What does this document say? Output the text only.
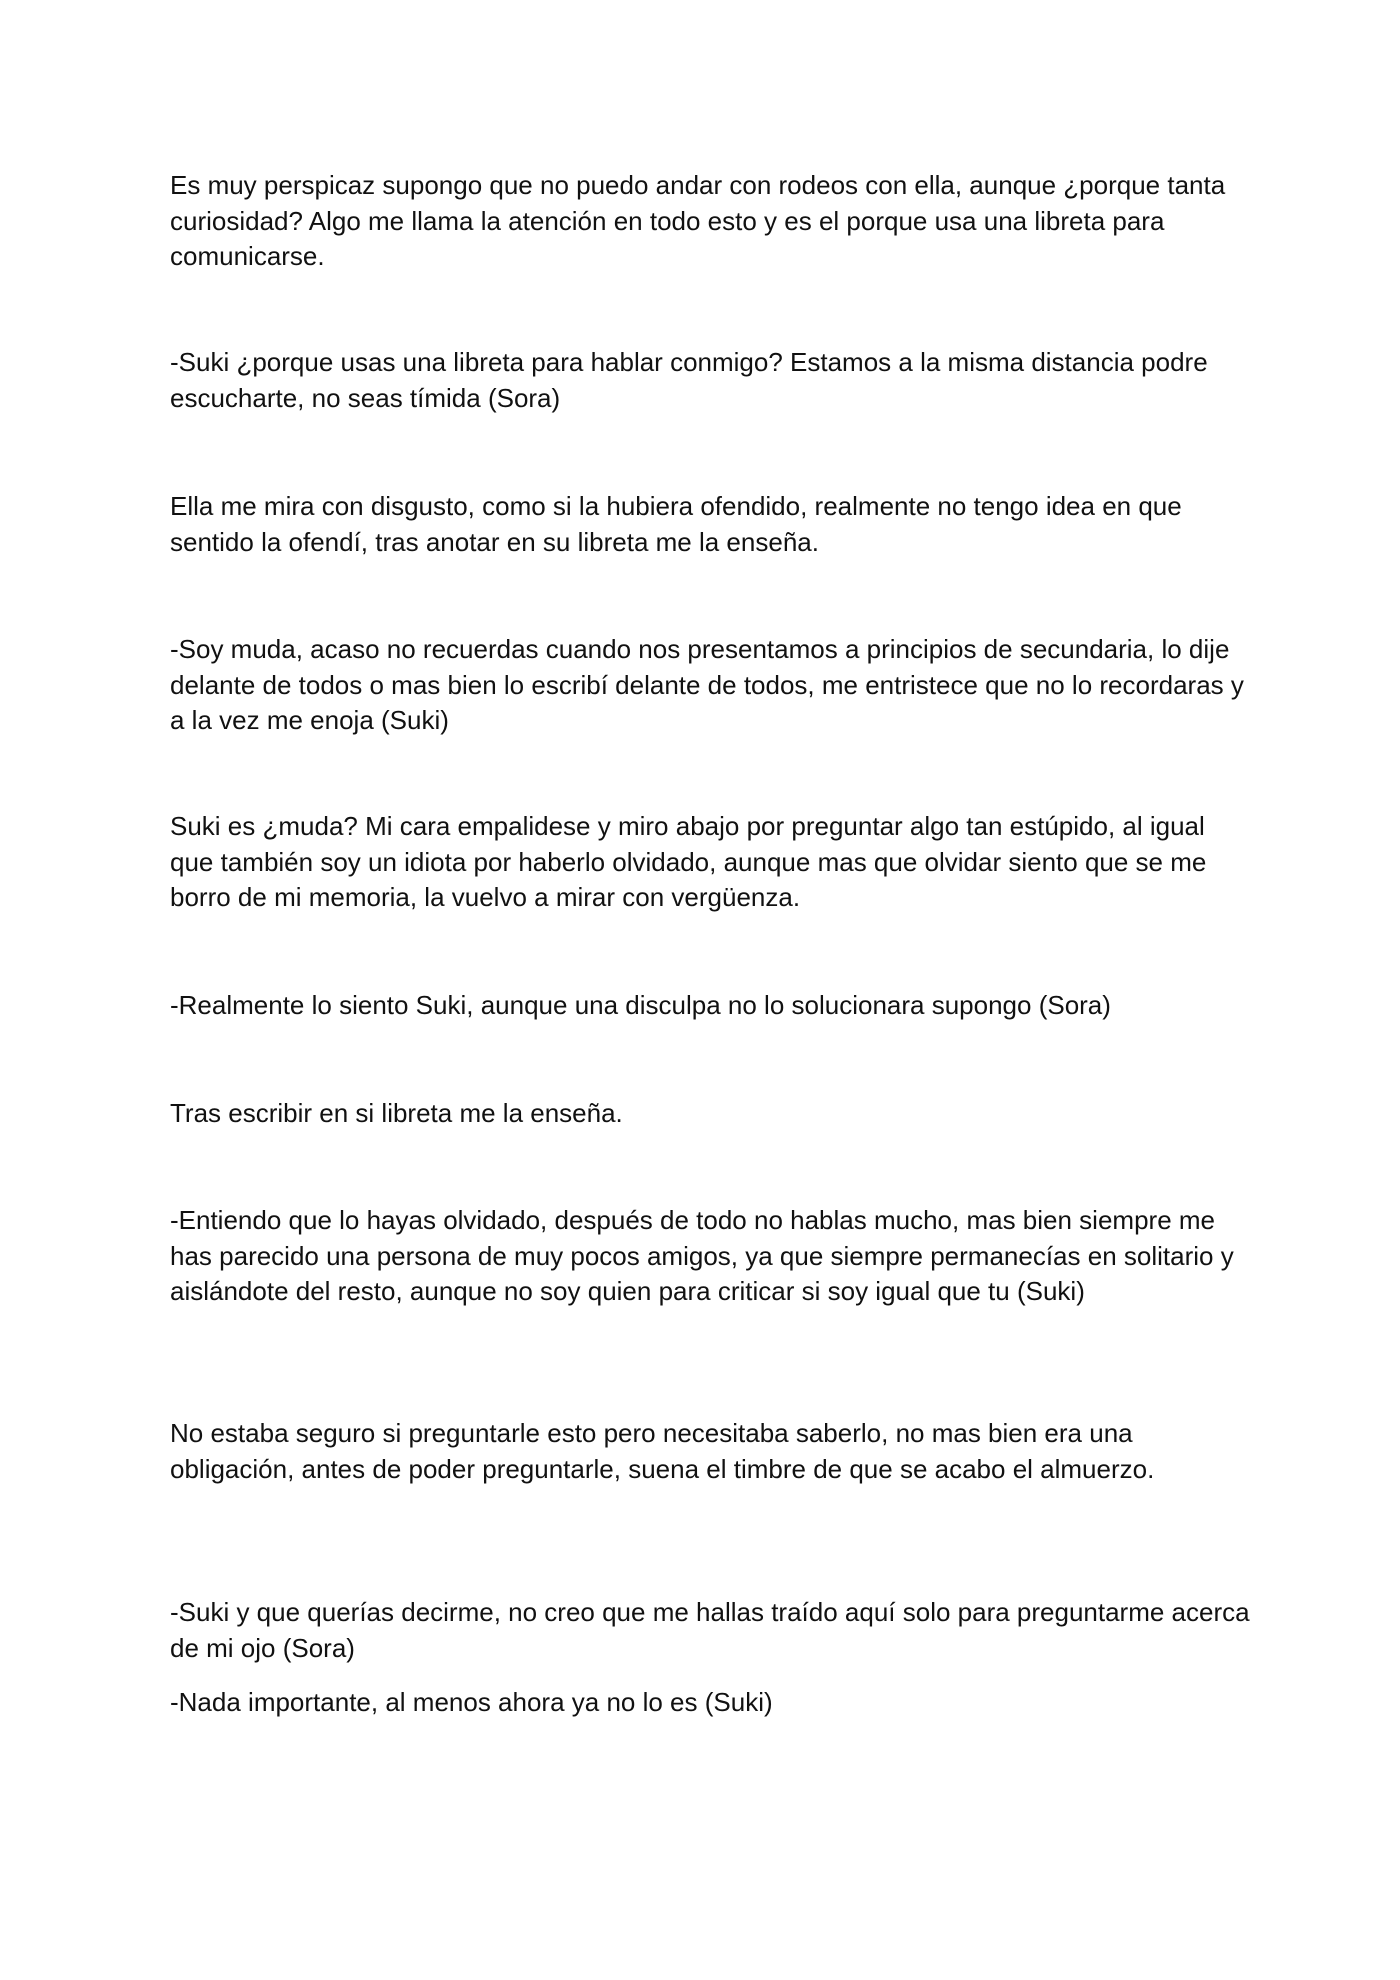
Es muy perspicaz supongo que no puedo andar con rodeos con ella, aunque ¿porque tanta curiosidad? Algo me llama la atención en todo esto y es el porque usa una libreta para comunicarse.

-Suki ¿porque usas una libreta para hablar conmigo? Estamos a la misma distancia podre escucharte, no seas tímida (Sora)

Ella me mira con disgusto, como si la hubiera ofendido, realmente no tengo idea en que sentido la ofendí, tras anotar en su libreta me la enseña.

-Soy muda, acaso no recuerdas cuando nos presentamos a principios de secundaria, lo dije delante de todos o mas bien lo escribí delante de todos, me entristece que no lo recordaras y a la vez me enoja (Suki)

Suki es ¿muda? Mi cara empalidese y miro abajo por preguntar algo tan estúpido, al igual que también soy un idiota por haberlo olvidado, aunque mas que olvidar siento que se me borro de mi memoria, la vuelvo a mirar con vergüenza.

-Realmente lo siento Suki, aunque una disculpa no lo solucionara supongo (Sora)

Tras escribir en si libreta me la enseña.

-Entiendo que lo hayas olvidado, después de todo no hablas mucho, mas bien siempre me has parecido una persona de muy pocos amigos, ya que siempre permanecías en solitario y aislándote del resto, aunque no soy quien para criticar si soy igual que tu (Suki)

No estaba seguro si preguntarle esto pero necesitaba saberlo, no mas bien era una obligación, antes de poder preguntarle, suena el timbre de que se acabo el almuerzo.

-Suki y que querías decirme, no creo que me hallas traído aquí solo para preguntarme acerca de mi ojo (Sora)

-Nada importante, al menos ahora ya no lo es (Suki)
